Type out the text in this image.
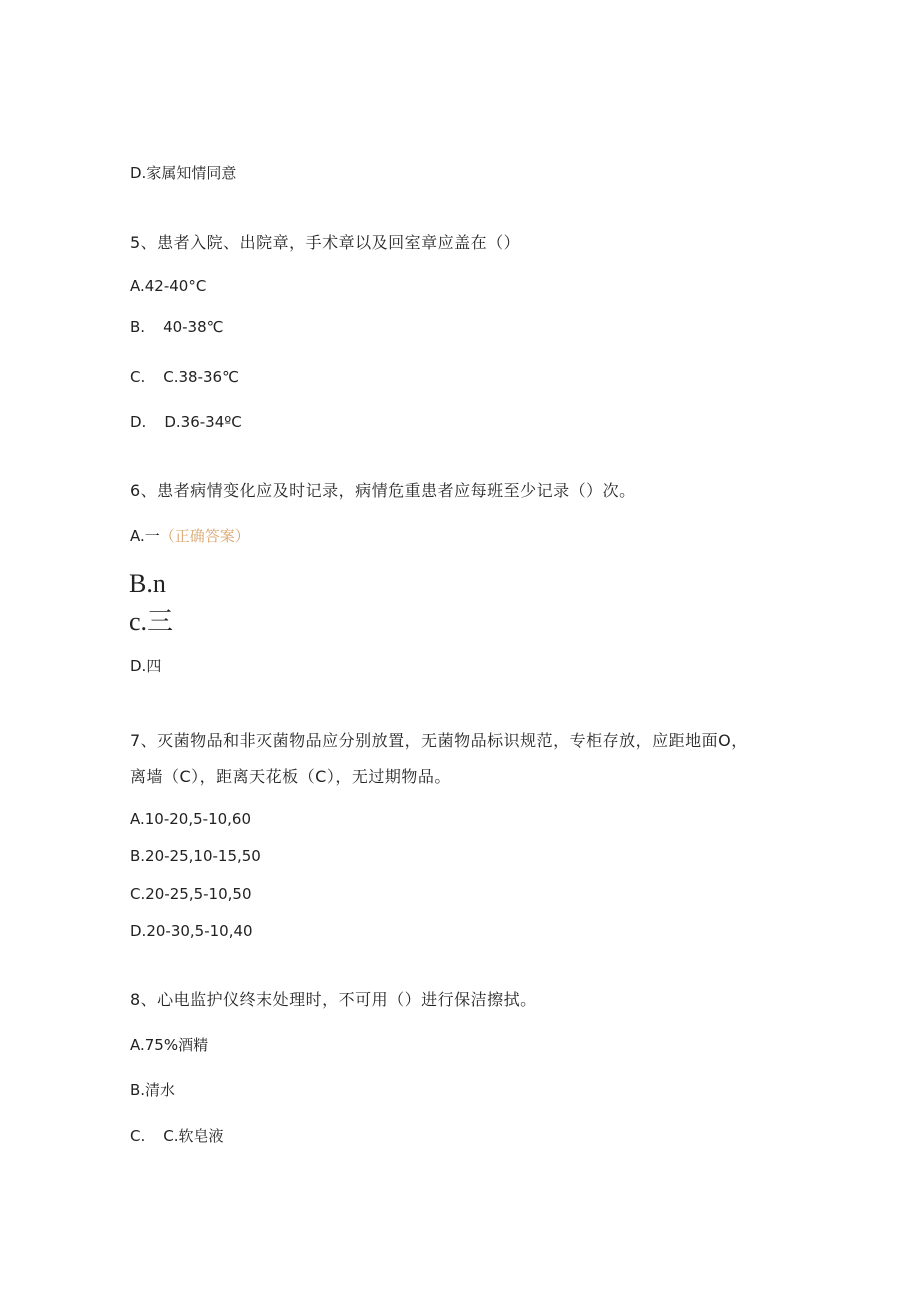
D.家属知情同意
5、患者入院、出院章，手术章以及回室章应盖在（）
A.42-40°C
B. 40-38℃
C. C.38-36℃
D. D.36-34ºC
6、患者病情变化应及时记录，病情危重患者应每班至少记录（）次。
A.一（正确答案）
B.n
c.三
D.四
7、灭菌物品和非灭菌物品应分别放置，无菌物品标识规范，专柜存放，应距地面O，
离墙（C），距离天花板（C），无过期物品。
A.10-20,5-10,60
B.20-25,10-15,50
C.20-25,5-10,50
D.20-30,5-10,40
8、心电监护仪终末处理时，不可用（）进行保洁擦拭。
A.75%酒精
B.清水
C. C.软皂液
